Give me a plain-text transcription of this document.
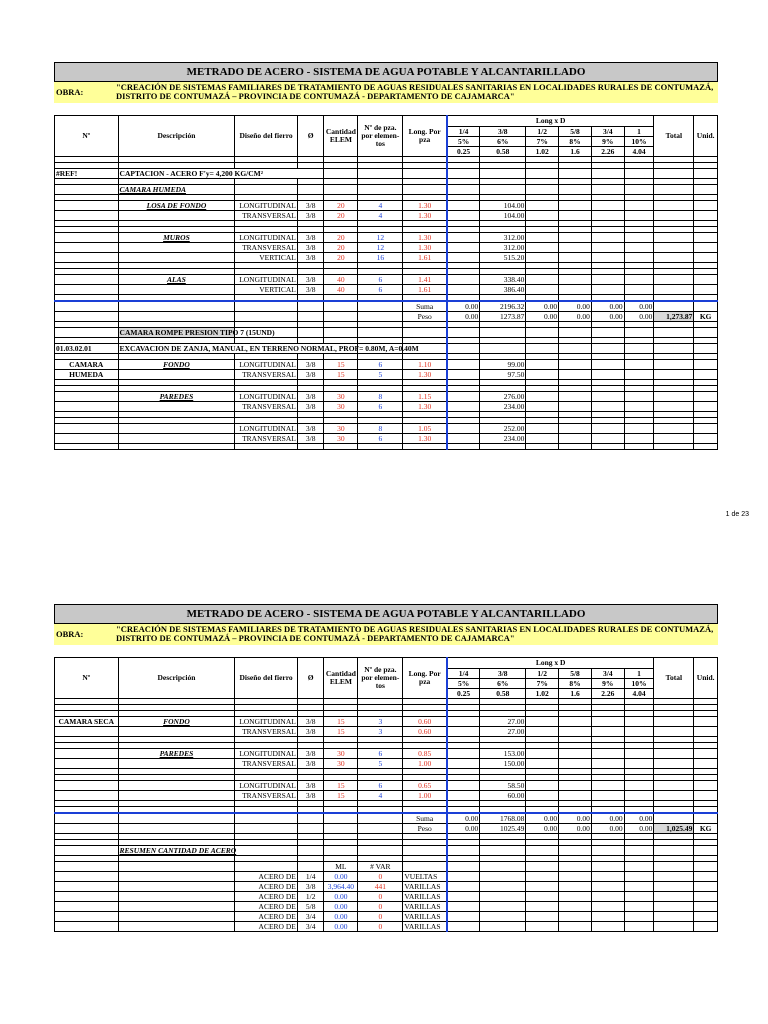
METRADO DE ACERO - SISTEMA DE AGUA POTABLE Y ALCANTARILLADO
OBRA:	"CREACIÓN DE SISTEMAS FAMILIARES DE TRATAMIENTO DE AGUAS RESIDUALES SANITARIAS EN LOCALIDADES RURALES DE CONTUMAZÁ, DISTRITO DE CONTUMAZÁ – PROVINCIA DE CONTUMAZÁ - DEPARTAMENTO DE CAJAMARCA"
Nº	Descripción	Diseño del fierro	Ø	Cantidad ELEM	Nº de pza. por elemen-tos	Long. Por pza	Long x D						Total	Unid.
							1/4	3/8	1/2	5/8	3/4	1		
							5%	6%	7%	8%	9%	10%		
							0.25	0.58	1.02	1.6	2.26	4.04		

#REF!	CAPTACION - ACERO F'y= 4,200 KG/CM²													

	CAMARA HUMEDA													

	LOSA DE FONDO	LONGITUDINAL	3/8	20	4	1.30		104.00						
		TRANSVERSAL	3/8	20	4	1.30		104.00						

	MUROS	LONGITUDINAL	3/8	20	12	1.30		312.00						
		TRANSVERSAL	3/8	20	12	1.30		312.00						
		VERTICAL	3/8	20	16	1.61		515.20						

	ALAS	LONGITUDINAL	3/8	40	6	1.41		338.40						
		VERTICAL	3/8	40	6	1.61		386.40						

						Suma	0.00	2196.32	0.00	0.00	0.00	0.00		
						Peso	0.00	1273.87	0.00	0.00	0.00	0.00	1,273.87	KG

	CAMARA ROMPE PRESION TIPO 7 (15UND)													

01.03.02.01	EXCAVACION DE ZANJA, MANUAL, EN TERRENO NORMAL, PROF= 0.80M, A=0.40M													

CAMARA	FONDO	LONGITUDINAL	3/8	15	6	1.10		99.00						
HUMEDA		TRANSVERSAL	3/8	15	5	1.30		97.50						

	PAREDES	LONGITUDINAL	3/8	30	8	1.15		276.00						
		TRANSVERSAL	3/8	30	6	1.30		234.00						

		LONGITUDINAL	3/8	30	8	1.05		252.00						
		TRANSVERSAL	3/8	30	6	1.30		234.00						

1 de 23
METRADO DE ACERO - SISTEMA DE AGUA POTABLE Y ALCANTARILLADO
OBRA:	"CREACIÓN DE SISTEMAS FAMILIARES DE TRATAMIENTO DE AGUAS RESIDUALES SANITARIAS EN LOCALIDADES RURALES DE CONTUMAZÁ, DISTRITO DE CONTUMAZÁ – PROVINCIA DE CONTUMAZÁ - DEPARTAMENTO DE CAJAMARCA"
Nº	Descripción	Diseño del fierro	Ø	Cantidad ELEM	Nº de pza. por elemen-tos	Long. Por pza	Long x D						Total	Unid.
							1/4	3/8	1/2	5/8	3/4	1		
							5%	6%	7%	8%	9%	10%		
							0.25	0.58	1.02	1.6	2.26	4.04		

CAMARA SECA	FONDO	LONGITUDINAL	3/8	15	3	0.60		27.00						
		TRANSVERSAL	3/8	15	3	0.60		27.00						

	PAREDES	LONGITUDINAL	3/8	30	6	0.85		153.00						
		TRANSVERSAL	3/8	30	5	1.00		150.00						

		LONGITUDINAL	3/8	15	6	0.65		58.50						
		TRANSVERSAL	3/8	15	4	1.00		60.00						

						Suma	0.00	1768.08	0.00	0.00	0.00	0.00		
						Peso	0.00	1025.49	0.00	0.00	0.00	0.00	1,025.49	KG

	RESUMEN CANTIDAD DE ACERO													

				ML	# VAR									
		ACERO DE	1/4	0.00	0	VUELTAS								
		ACERO DE	3/8	3,964.40	441	VARILLAS								
		ACERO DE	1/2	0.00	0	VARILLAS								
		ACERO DE	5/8	0.00	0	VARILLAS								
		ACERO DE	3/4	0.00	0	VARILLAS								
		ACERO DE	3/4	0.00	0	VARILLAS								
